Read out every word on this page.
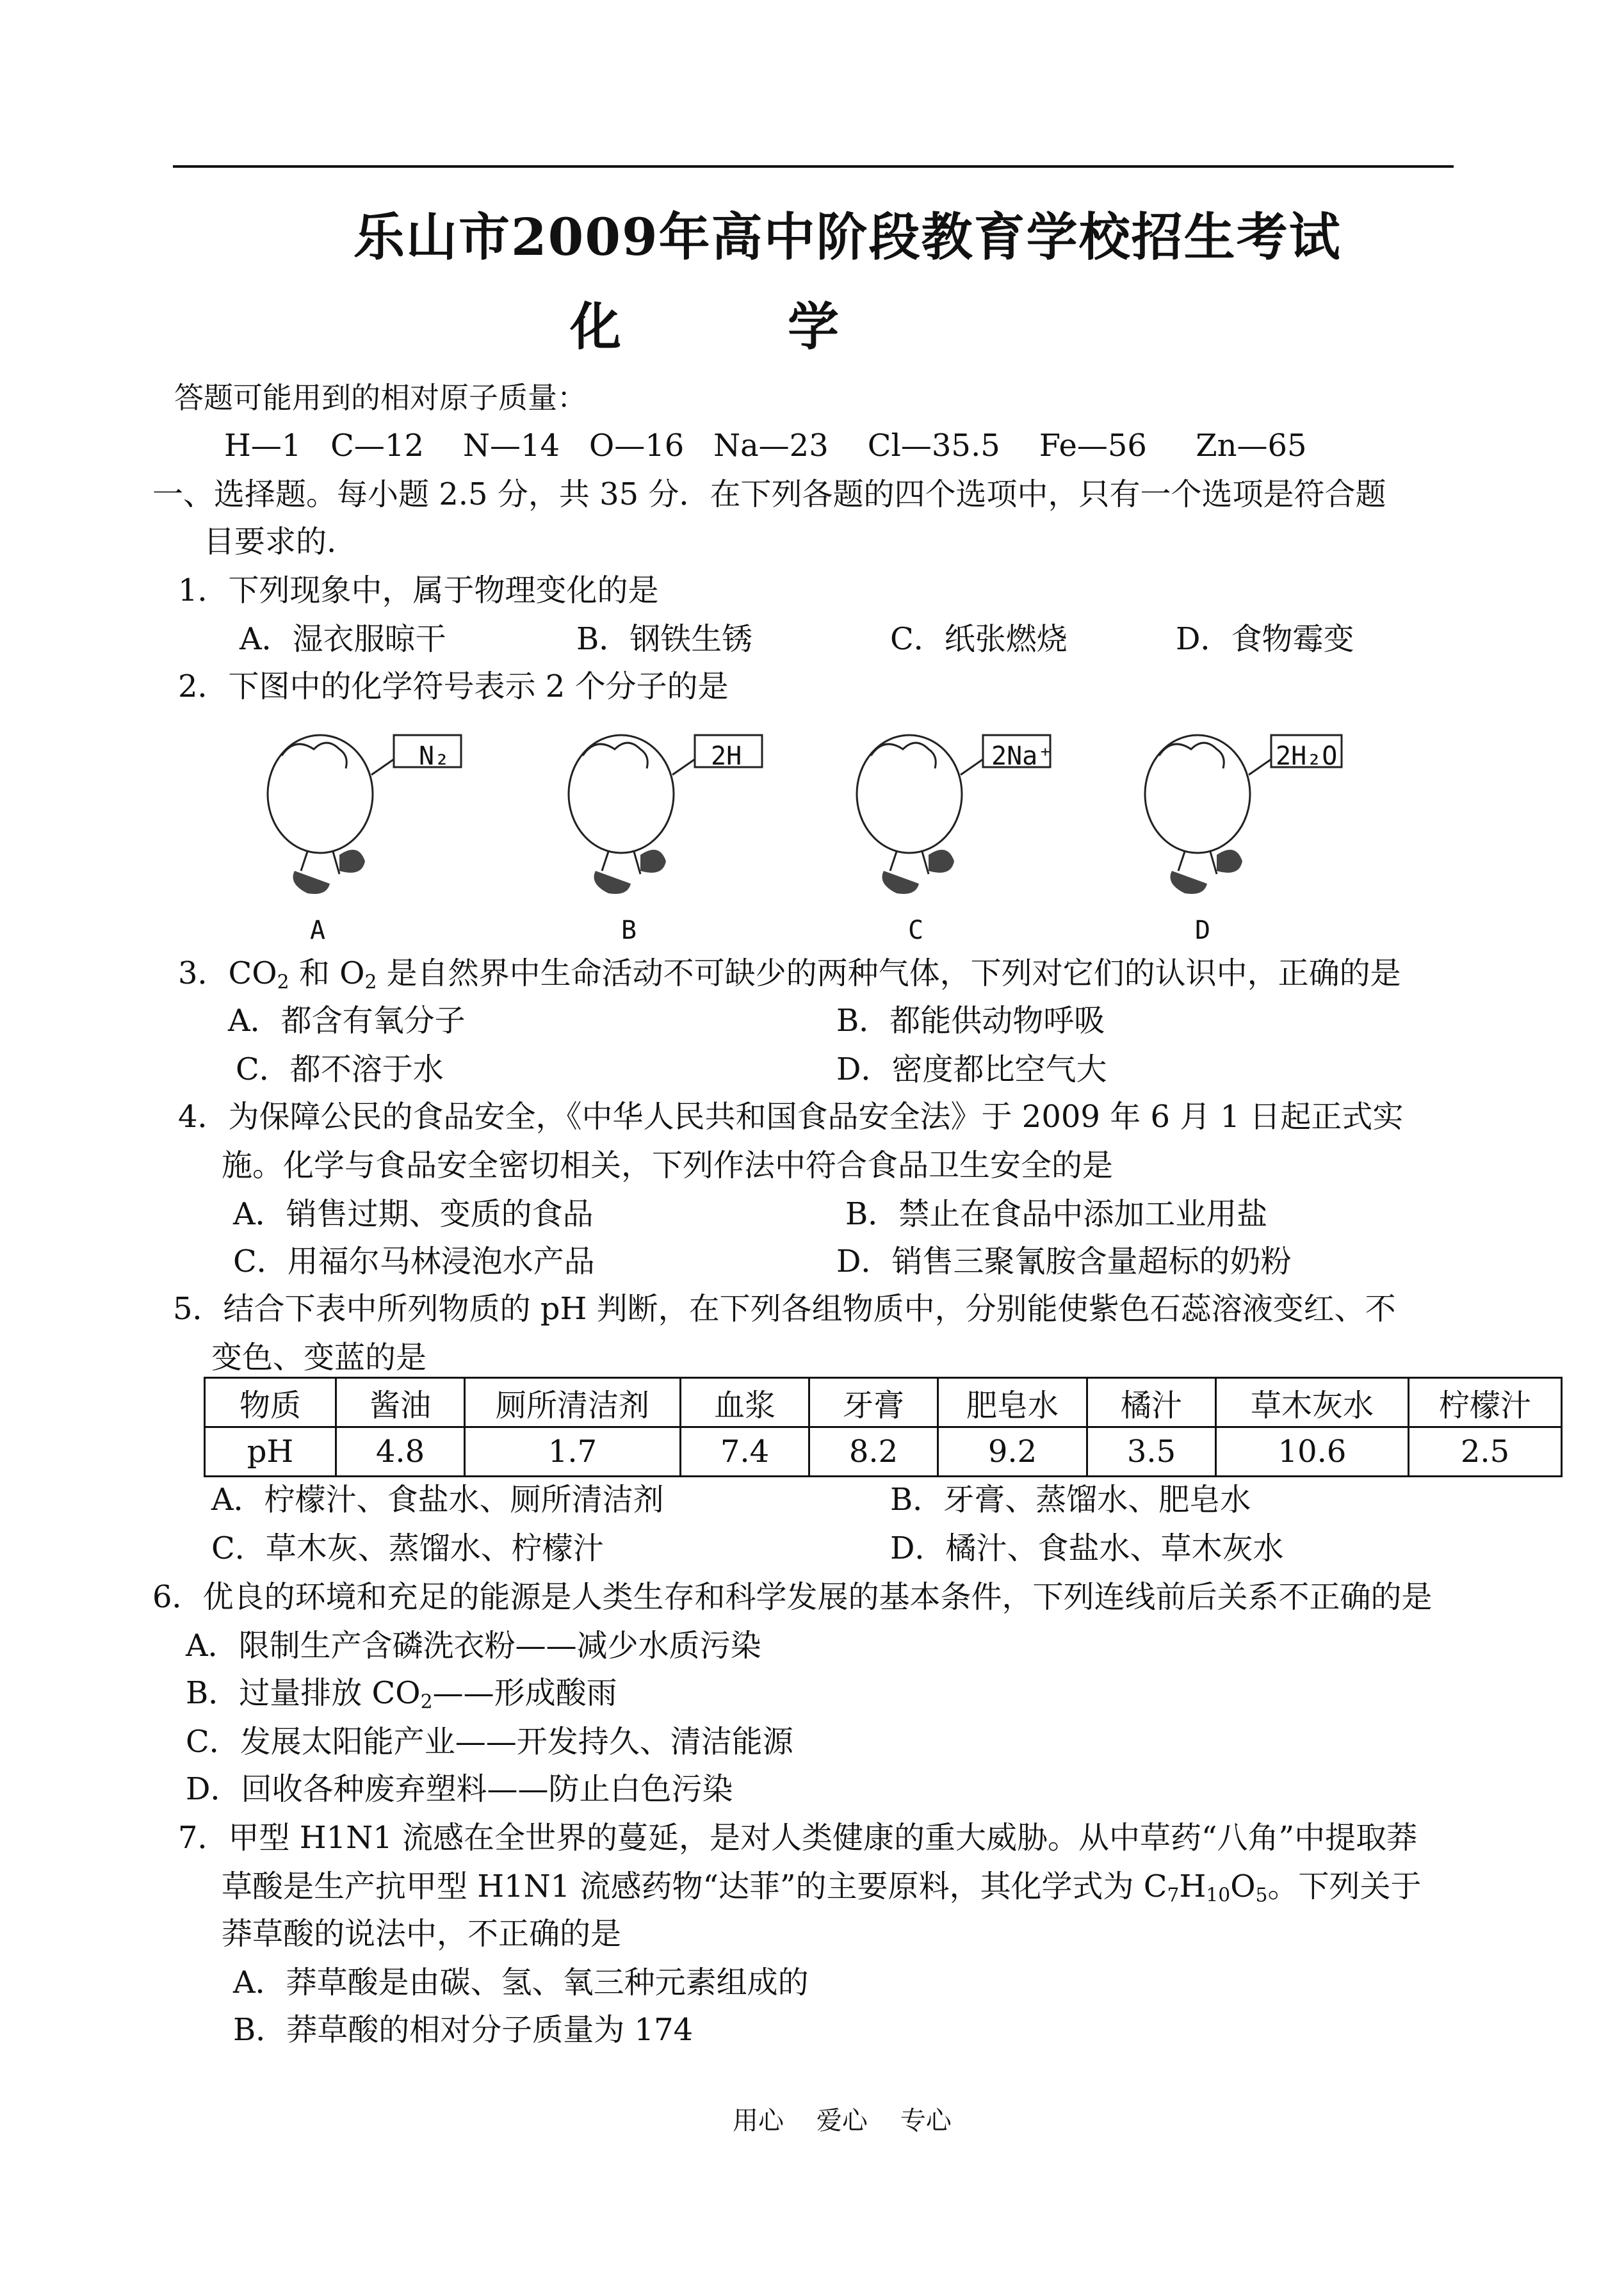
乐山市2009年高中阶段教育学校招生考试
化	学
答题可能用到的相对原子质量：
H—1   C—12    N—14   O—16   Na—23    Cl—35.5    Fe—56     Zn—65
一、选择题。每小题 2.5 分，共 35 分．在下列各题的四个选项中，只有一个选项是符合题
目要求的.
1．下列现象中，属于物理变化的是
A．湿衣服晾干	B．钢铁生锈	C．纸张燃烧	D．食物霉变
2．下图中的化学符号表示 2 个分子的是
N₂	2H	2Na⁺	2H₂O
A	B	C	D
3．$CO_2$ 和 $O_2$ 是自然界中生命活动不可缺少的两种气体，下列对它们的认识中，正确的是
A．都含有氧分子	B．都能供动物呼吸
C．都不溶于水	D．密度都比空气大
4．为保障公民的食品安全，《中华人民共和国食品安全法》于 2009 年 6 月 1 日起正式实
施。化学与食品安全密切相关，下列作法中符合食品卫生安全的是
A．销售过期、变质的食品	B．禁止在食品中添加工业用盐
C．用福尔马林浸泡水产品	D．销售三聚氰胺含量超标的奶粉
5．结合下表中所列物质的 pH 判断，在下列各组物质中，分别能使紫色石蕊溶液变红、不
变色、变蓝的是
物质	酱油	厕所清洁剂	血浆	牙膏	肥皂水	橘汁	草木灰水	柠檬汁
pH	4.8	1.7	7.4	8.2	9.2	3.5	10.6	2.5
A．柠檬汁、食盐水、厕所清洁剂	B．牙膏、蒸馏水、肥皂水
C．草木灰、蒸馏水、柠檬汁	D．橘汁、食盐水、草木灰水
6．优良的环境和充足的能源是人类生存和科学发展的基本条件，下列连线前后关系不正确的是
A．限制生产含磷洗衣粉——减少水质污染
B．过量排放 $CO_2——$形成酸雨
C．发展太阳能产业——开发持久、清洁能源
D．回收各种废弃塑料——防止白色污染
7．甲型 H1N1 流感在全世界的蔓延，是对人类健康的重大威胁。从中草药“八角”中提取莽
草酸是生产抗甲型 H1N1 流感药物“达菲”的主要原料，其化学式为 $C_7H_{10}O_5$。下列关于
莽草酸的说法中，不正确的是
A．莽草酸是由碳、氢、氧三种元素组成的
B．莽草酸的相对分子质量为 174
用心    爱心    专心
